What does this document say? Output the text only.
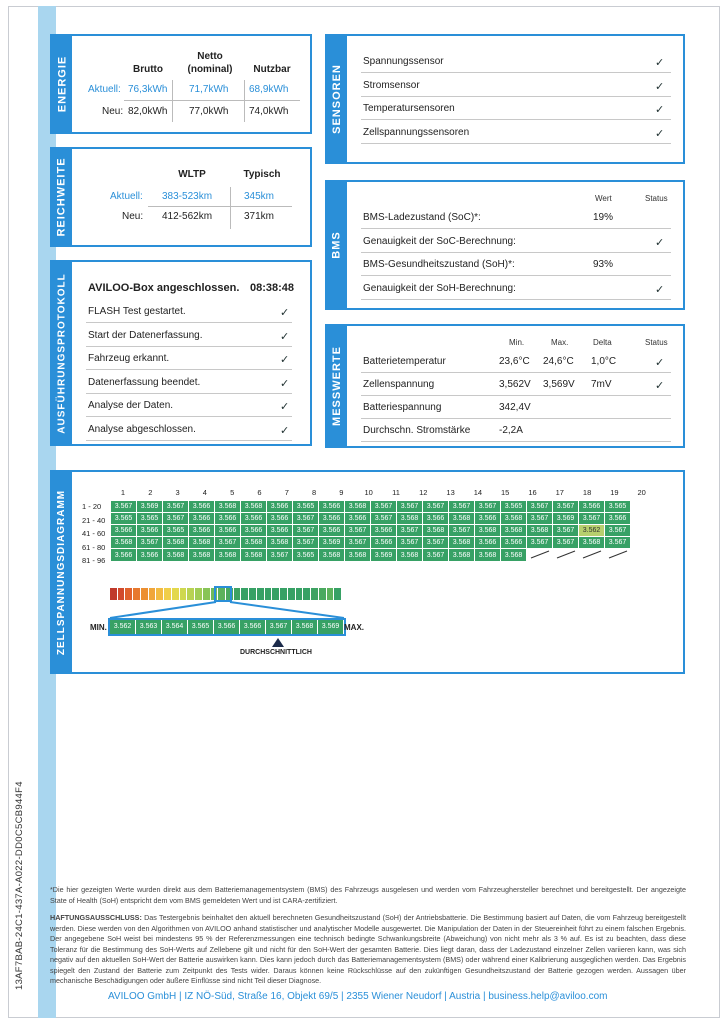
13AF7BAB-24C1-437A-A022-DD0C5CB944F4
ENERGIE	Brutto
Netto
(nominal)	Nutzbar
Aktuell: 76,3kWh 71,7kWh 68,9kWh
Neu: 82,0kWh 77,0kWh 74,0kWh
REICHWEITE	WLTP	Typisch
Aktuell: 383-523km	345km
Neu: 412-562km	371km
AUSFÜHRUNGSPROTOKOLL AVILOO-Box angeschlossen. 08:38:48
FLASH Test gestartet.	✓
Start der Datenerfassung.	✓
Fahrzeug erkannt.	✓
Datenerfassung beendet.	✓
Analyse der Daten.	✓
Analyse abgeschlossen.	✓
SENSOREN
Spannungssensor	✓
Stromsensor	✓
Temperatursensoren	✓
Zellspannungssensoren	✓
BMS
Wert	Status
BMS-Ladezustand (SoC)*:	19%
Genauigkeit der SoC-Berechnung:	✓
BMS-Gesundheitszustand (SoH)*:	93%
Genauigkeit der SoH-Berechnung:	✓
MESSWERTE
Min.	Max.	Delta	Status
Batterietemperatur	23,6°C 24,6°C 1,0°C	✓
Zellenspannung	3,562V 3,569V 7mV	✓
Batteriespannung	342,4V
Durchschn. Stromstärke	-2,2A
ZELLSPANNUNGSDIAGRAMM	1	2	3	4	5	6	7	8	9	10	11	12	13	14	15	16	17	18	19	20
1 - 20
21 - 40
41 - 60
61 - 80
81 - 96
3.567	3.569	3.567	3.566	3.568	3.568	3.566	3.565	3.566	3.568	3.567	3.567	3.567	3.567	3.567	3.565	3.567	3.567	3.566	3.565
3.565	3.565	3.567	3.566	3.566	3.566	3.566	3.567	3.566	3.566	3.567	3.568	3.566	3.568	3.566	3.568	3.567	3.569	3.567	3.566
3.566	3.566	3.565	3.566	3.566	3.566	3.566	3.567	3.566	3.567	3.566	3.567	3.568	3.567	3.568	3.568	3.568	3.567	3.562	3.567
3.568	3.567	3.568	3.568	3.567	3.568	3.568	3.567	3.569	3.567	3.566	3.567	3.567	3.568	3.566	3.566	3.567	3.567	3.568	3.567
3.566	3.566	3.568	3.568	3.568	3.568	3.567	3.565	3.568	3.568	3.569	3.568	3.567	3.568	3.568	3.568				
MIN. 3.562	3.563	3.564	3.565	3.566	3.566	3.567	3.568	3.569 MAX.
DURCHSCHNITTLICH
*Die hier gezeigten Werte wurden direkt aus dem Batteriemanagementsystem (BMS) des Fahrzeugs ausgelesen und werden vom Fahrzeughersteller berechnet und bereitgestellt. Der angezeigte State of Health (SoH) entspricht dem vom BMS gemeldeten Wert und ist CARA-zertifiziert.
HAFTUNGSAUSSCHLUSS: Das Testergebnis beinhaltet den aktuell berechneten Gesundheitszustand (SoH) der Antriebsbatterie. Die Bestimmung basiert auf Daten, die vom Fahrzeug bereitgestellt werden. Diese werden von den Algorithmen von AVILOO anhand statistischer und analytischer Modelle ausgewertet. Die Manipulation der Daten in der Steuereinheit führt zu einem falschen Ergebnis. Der angegebene SoH weist bei mindestens 95 % der Referenzmessungen eine technisch bedingte Schwankungsbreite (Abweichung) von nicht mehr als 3 % auf. Es ist zu beachten, dass diese Toleranz für die Bestimmung des SoH-Werts auf Zellebene gilt und nicht für den SoH-Wert der gesamten Batterie. Dies liegt daran, dass der Ladezustand einzelner Zellen variieren kann, was sich negativ auf den aktuellen SoH-Wert der Batterie auswirken kann. Dies kann jedoch durch das Batteriemanagementsystem (BMS) oder während einer Kalibrierung ausgeglichen werden. Das Ergebnis spiegelt den Zustand der Batterie zum Zeitpunkt des Tests wider. Daraus können keine Rückschlüsse auf den zukünftigen Gesundheitszustand der Batterie gezogen werden. Aussagen über mechanische Beschädigungen oder äußere Einflüsse sind nicht Teil dieser Diagnose.
AVILOO GmbH | IZ NÖ-Süd, Straße 16, Objekt 69/5 | 2355 Wiener Neudorf | Austria | business.help@aviloo.com
